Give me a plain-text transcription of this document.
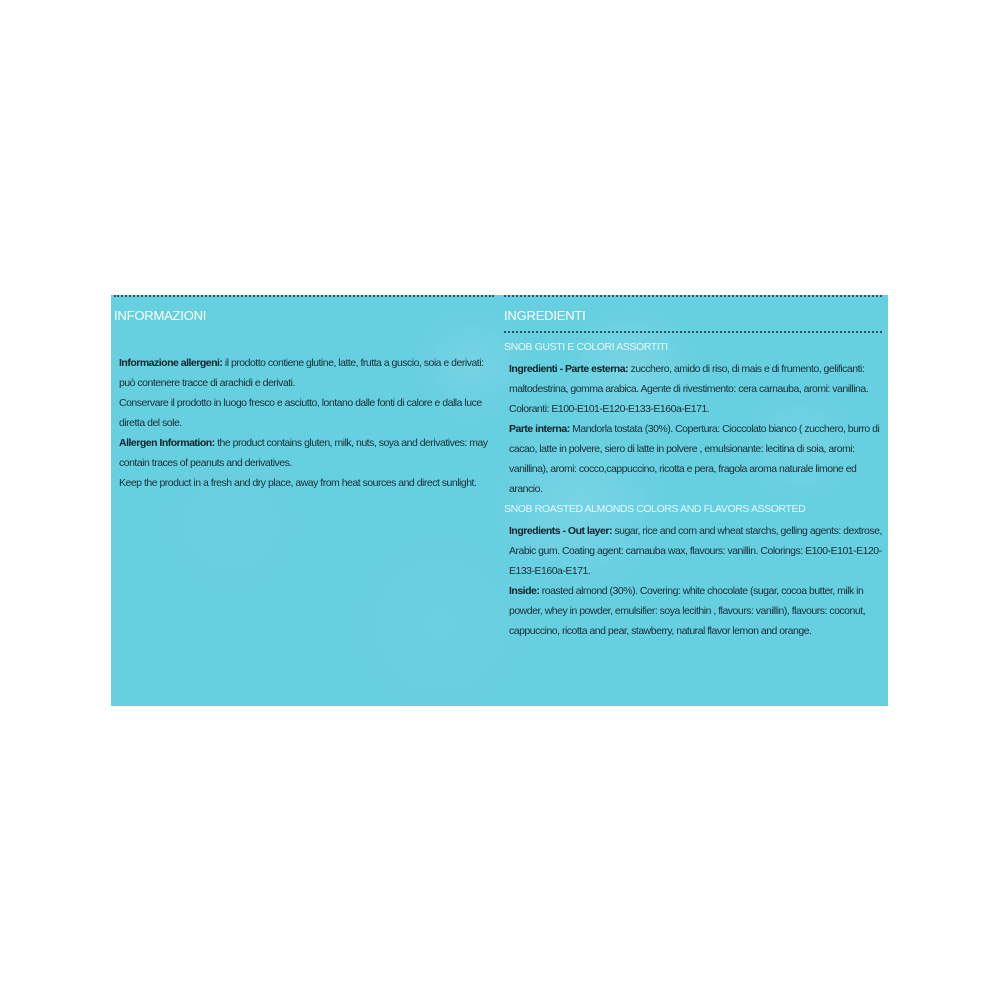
INFORMAZIONI

Informazione allergeni: il prodotto contiene glutine, latte, frutta a guscio, soia e derivati: può contenere tracce di arachidi e derivati.

Conservare il prodotto in luogo fresco e asciutto, lontano dalle fonti di calore e dalla luce diretta del sole.

Allergen Information: the product contains gluten, milk, nuts, soya and derivatives: may contain traces of peanuts and derivatives.

Keep the product in a fresh and dry place, away from heat sources and direct sunlight.

INGREDIENTI
SNOB GUSTI E COLORI ASSORTITI

Ingredienti - Parte esterna: zucchero, amido di riso, di mais e di frumento, gelificanti: maltodestrina, gomma arabica. Agente di rivestimento: cera carnauba, aromi: vanillina. Coloranti: E100-E101-E120-E133-E160a-E171.

Parte interna: Mandorla tostata (30%). Copertura: Cioccolato bianco ( zucchero, burro di cacao, latte in polvere, siero di latte in polvere , emulsionante: lecitina di soia, aromi: vanillina), aromi: cocco,cappuccino, ricotta e pera, fragola aroma naturale limone ed arancio.

SNOB ROASTED ALMONDS COLORS AND FLAVORS ASSORTED

Ingredients - Out layer: sugar, rice and corn and wheat starchs, gelling agents: dextrose, Arabic gum. Coating agent: carnauba wax, flavours: vanillin. Colorings: E100-E101-E120-E133-E160a-E171.

Inside: roasted almond (30%). Covering: white chocolate (sugar, cocoa butter, milk in powder, whey in powder, emulsifier: soya lecithin , flavours: vanillin), flavours: coconut, cappuccino, ricotta and pear, stawberry, natural flavor lemon and orange.
